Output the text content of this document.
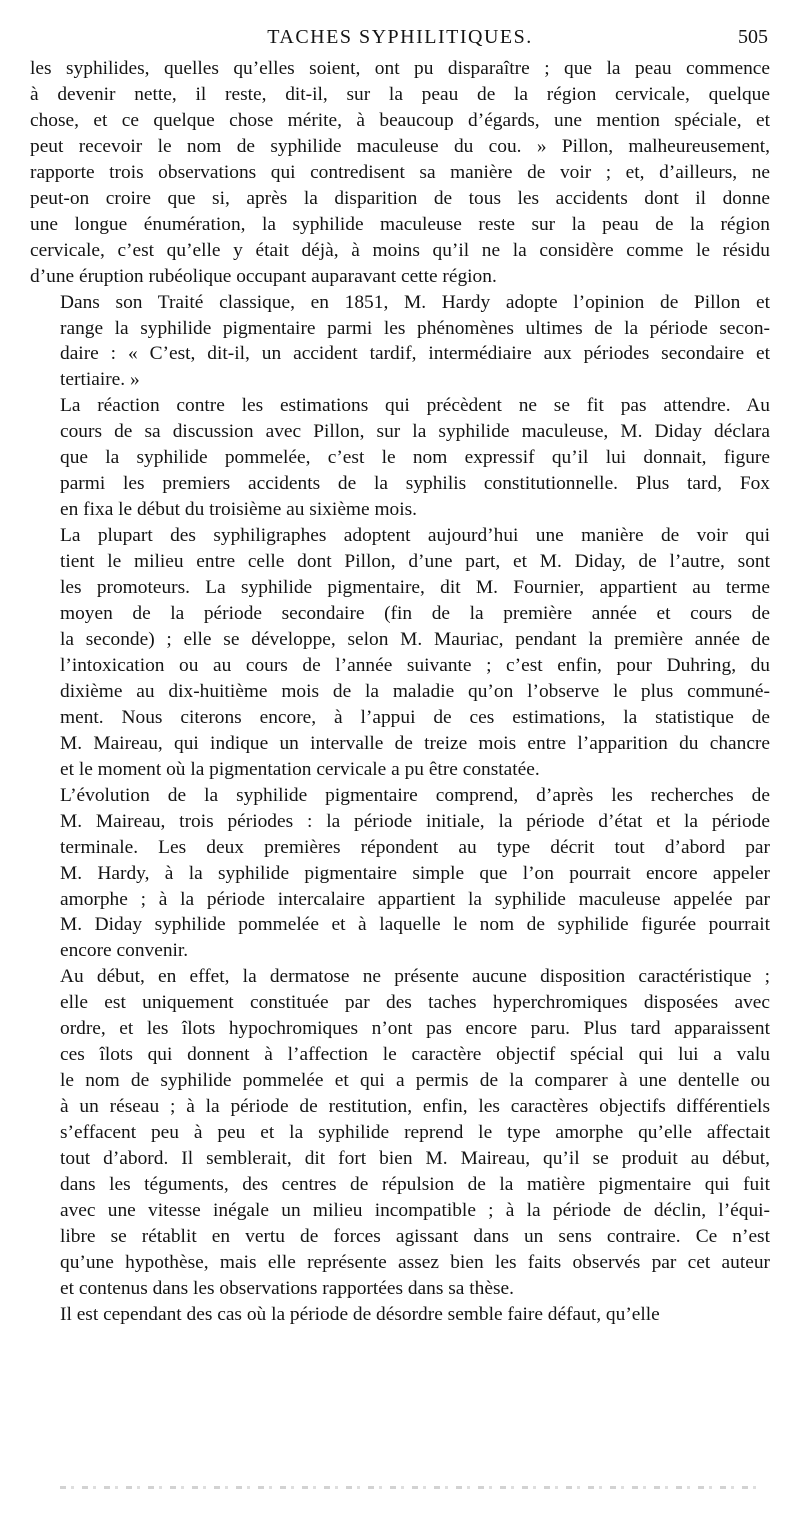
TACHES SYPHILITIQUES.	505

les syphilides, quelles qu’elles soient, ont pu disparaître ; que la peau commence
à devenir nette, il reste, dit-il, sur la peau de la région cervicale, quelque
chose, et ce quelque chose mérite, à beaucoup d’égards, une mention spéciale, et
peut recevoir le nom de syphilide maculeuse du cou. » Pillon, malheureusement,
rapporte trois observations qui contredisent sa manière de voir ; et, d’ailleurs, ne
peut-on croire que si, après la disparition de tous les accidents dont il donne
une longue énumération, la syphilide maculeuse reste sur la peau de la région
cervicale, c’est qu’elle y était déjà, à moins qu’il ne la considère comme le résidu
d’une éruption rubéolique occupant auparavant cette région.

Dans son Traité classique, en 1851, M. Hardy adopte l’opinion de Pillon et
range la syphilide pigmentaire parmi les phénomènes ultimes de la période secon-
daire : « C’est, dit-il, un accident tardif, intermédiaire aux périodes secondaire et
tertiaire. »

La réaction contre les estimations qui précèdent ne se fit pas attendre. Au
cours de sa discussion avec Pillon, sur la syphilide maculeuse, M. Diday déclara
que la syphilide pommelée, c’est le nom expressif qu’il lui donnait, figure
parmi les premiers accidents de la syphilis constitutionnelle. Plus tard, Fox
en fixa le début du troisième au sixième mois.

La plupart des syphiligraphes adoptent aujourd’hui une manière de voir qui
tient le milieu entre celle dont Pillon, d’une part, et M. Diday, de l’autre, sont
les promoteurs. La syphilide pigmentaire, dit M. Fournier, appartient au terme
moyen de la période secondaire (fin de la première année et cours de
la seconde) ; elle se développe, selon M. Mauriac, pendant la première année de
l’intoxication ou au cours de l’année suivante ; c’est enfin, pour Duhring, du
dixième au dix-huitième mois de la maladie qu’on l’observe le plus communé-
ment. Nous citerons encore, à l’appui de ces estimations, la statistique de
M. Maireau, qui indique un intervalle de treize mois entre l’apparition du chancre
et le moment où la pigmentation cervicale a pu être constatée.

L’évolution de la syphilide pigmentaire comprend, d’après les recherches de
M. Maireau, trois périodes : la période initiale, la période d’état et la période
terminale. Les deux premières répondent au type décrit tout d’abord par
M. Hardy, à la syphilide pigmentaire simple que l’on pourrait encore appeler
amorphe ; à la période intercalaire appartient la syphilide maculeuse appelée par
M. Diday syphilide pommelée et à laquelle le nom de syphilide figurée pourrait
encore convenir.

Au début, en effet, la dermatose ne présente aucune disposition caractéristique ;
elle est uniquement constituée par des taches hyperchromiques disposées avec
ordre, et les îlots hypochromiques n’ont pas encore paru. Plus tard apparaissent
ces îlots qui donnent à l’affection le caractère objectif spécial qui lui a valu
le nom de syphilide pommelée et qui a permis de la comparer à une dentelle ou
à un réseau ; à la période de restitution, enfin, les caractères objectifs différentiels
s’effacent peu à peu et la syphilide reprend le type amorphe qu’elle affectait
tout d’abord. Il semblerait, dit fort bien M. Maireau, qu’il se produit au début,
dans les téguments, des centres de répulsion de la matière pigmentaire qui fuit
avec une vitesse inégale un milieu incompatible ; à la période de déclin, l’équi-
libre se rétablit en vertu de forces agissant dans un sens contraire. Ce n’est
qu’une hypothèse, mais elle représente assez bien les faits observés par cet auteur
et contenus dans les observations rapportées dans sa thèse.

Il est cependant des cas où la période de désordre semble faire défaut, qu’elle
